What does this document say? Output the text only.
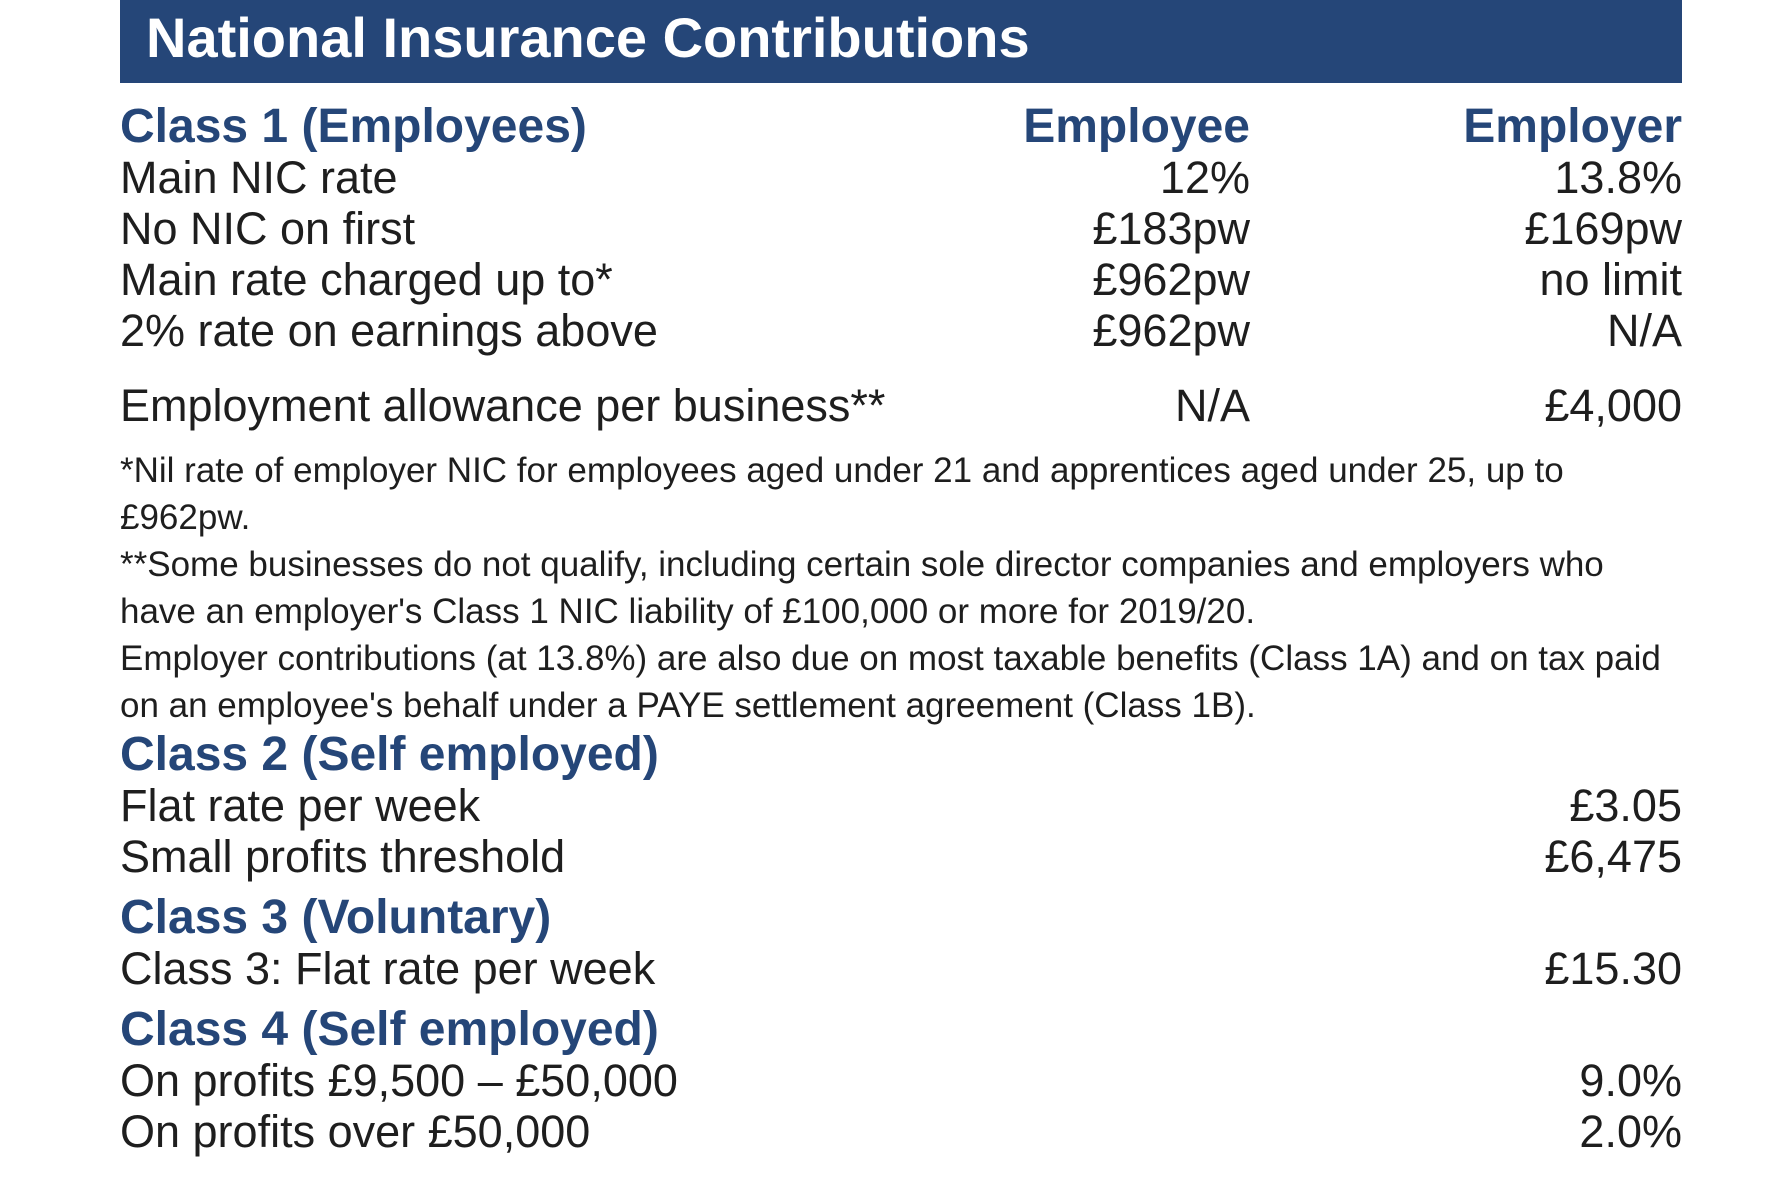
National Insurance Contributions
Class 1 (Employees)	Employee	Employer
Main NIC rate	12%	13.8%
No NIC on first	£183pw	£169pw
Main rate charged up to*	£962pw	no limit
2% rate on earnings above	£962pw	N/A
Employment allowance per business**	N/A	£4,000

*Nil rate of employer NIC for employees aged under 21 and apprentices aged under 25, up to £962pw.

**Some businesses do not qualify, including certain sole director companies and employers who have an employer's Class 1 NIC liability of £100,000 or more for 2019/20.

Employer contributions (at 13.8%) are also due on most taxable benefits (Class 1A) and on tax paid on an employee's behalf under a PAYE settlement agreement (Class 1B).

Class 2 (Self employed)
Flat rate per week	£3.05
Small profits threshold	£6,475
Class 3 (Voluntary)
Class 3: Flat rate per week	£15.30
Class 4 (Self employed)
On profits £9,500 – £50,000	9.0%
On profits over £50,000	2.0%
